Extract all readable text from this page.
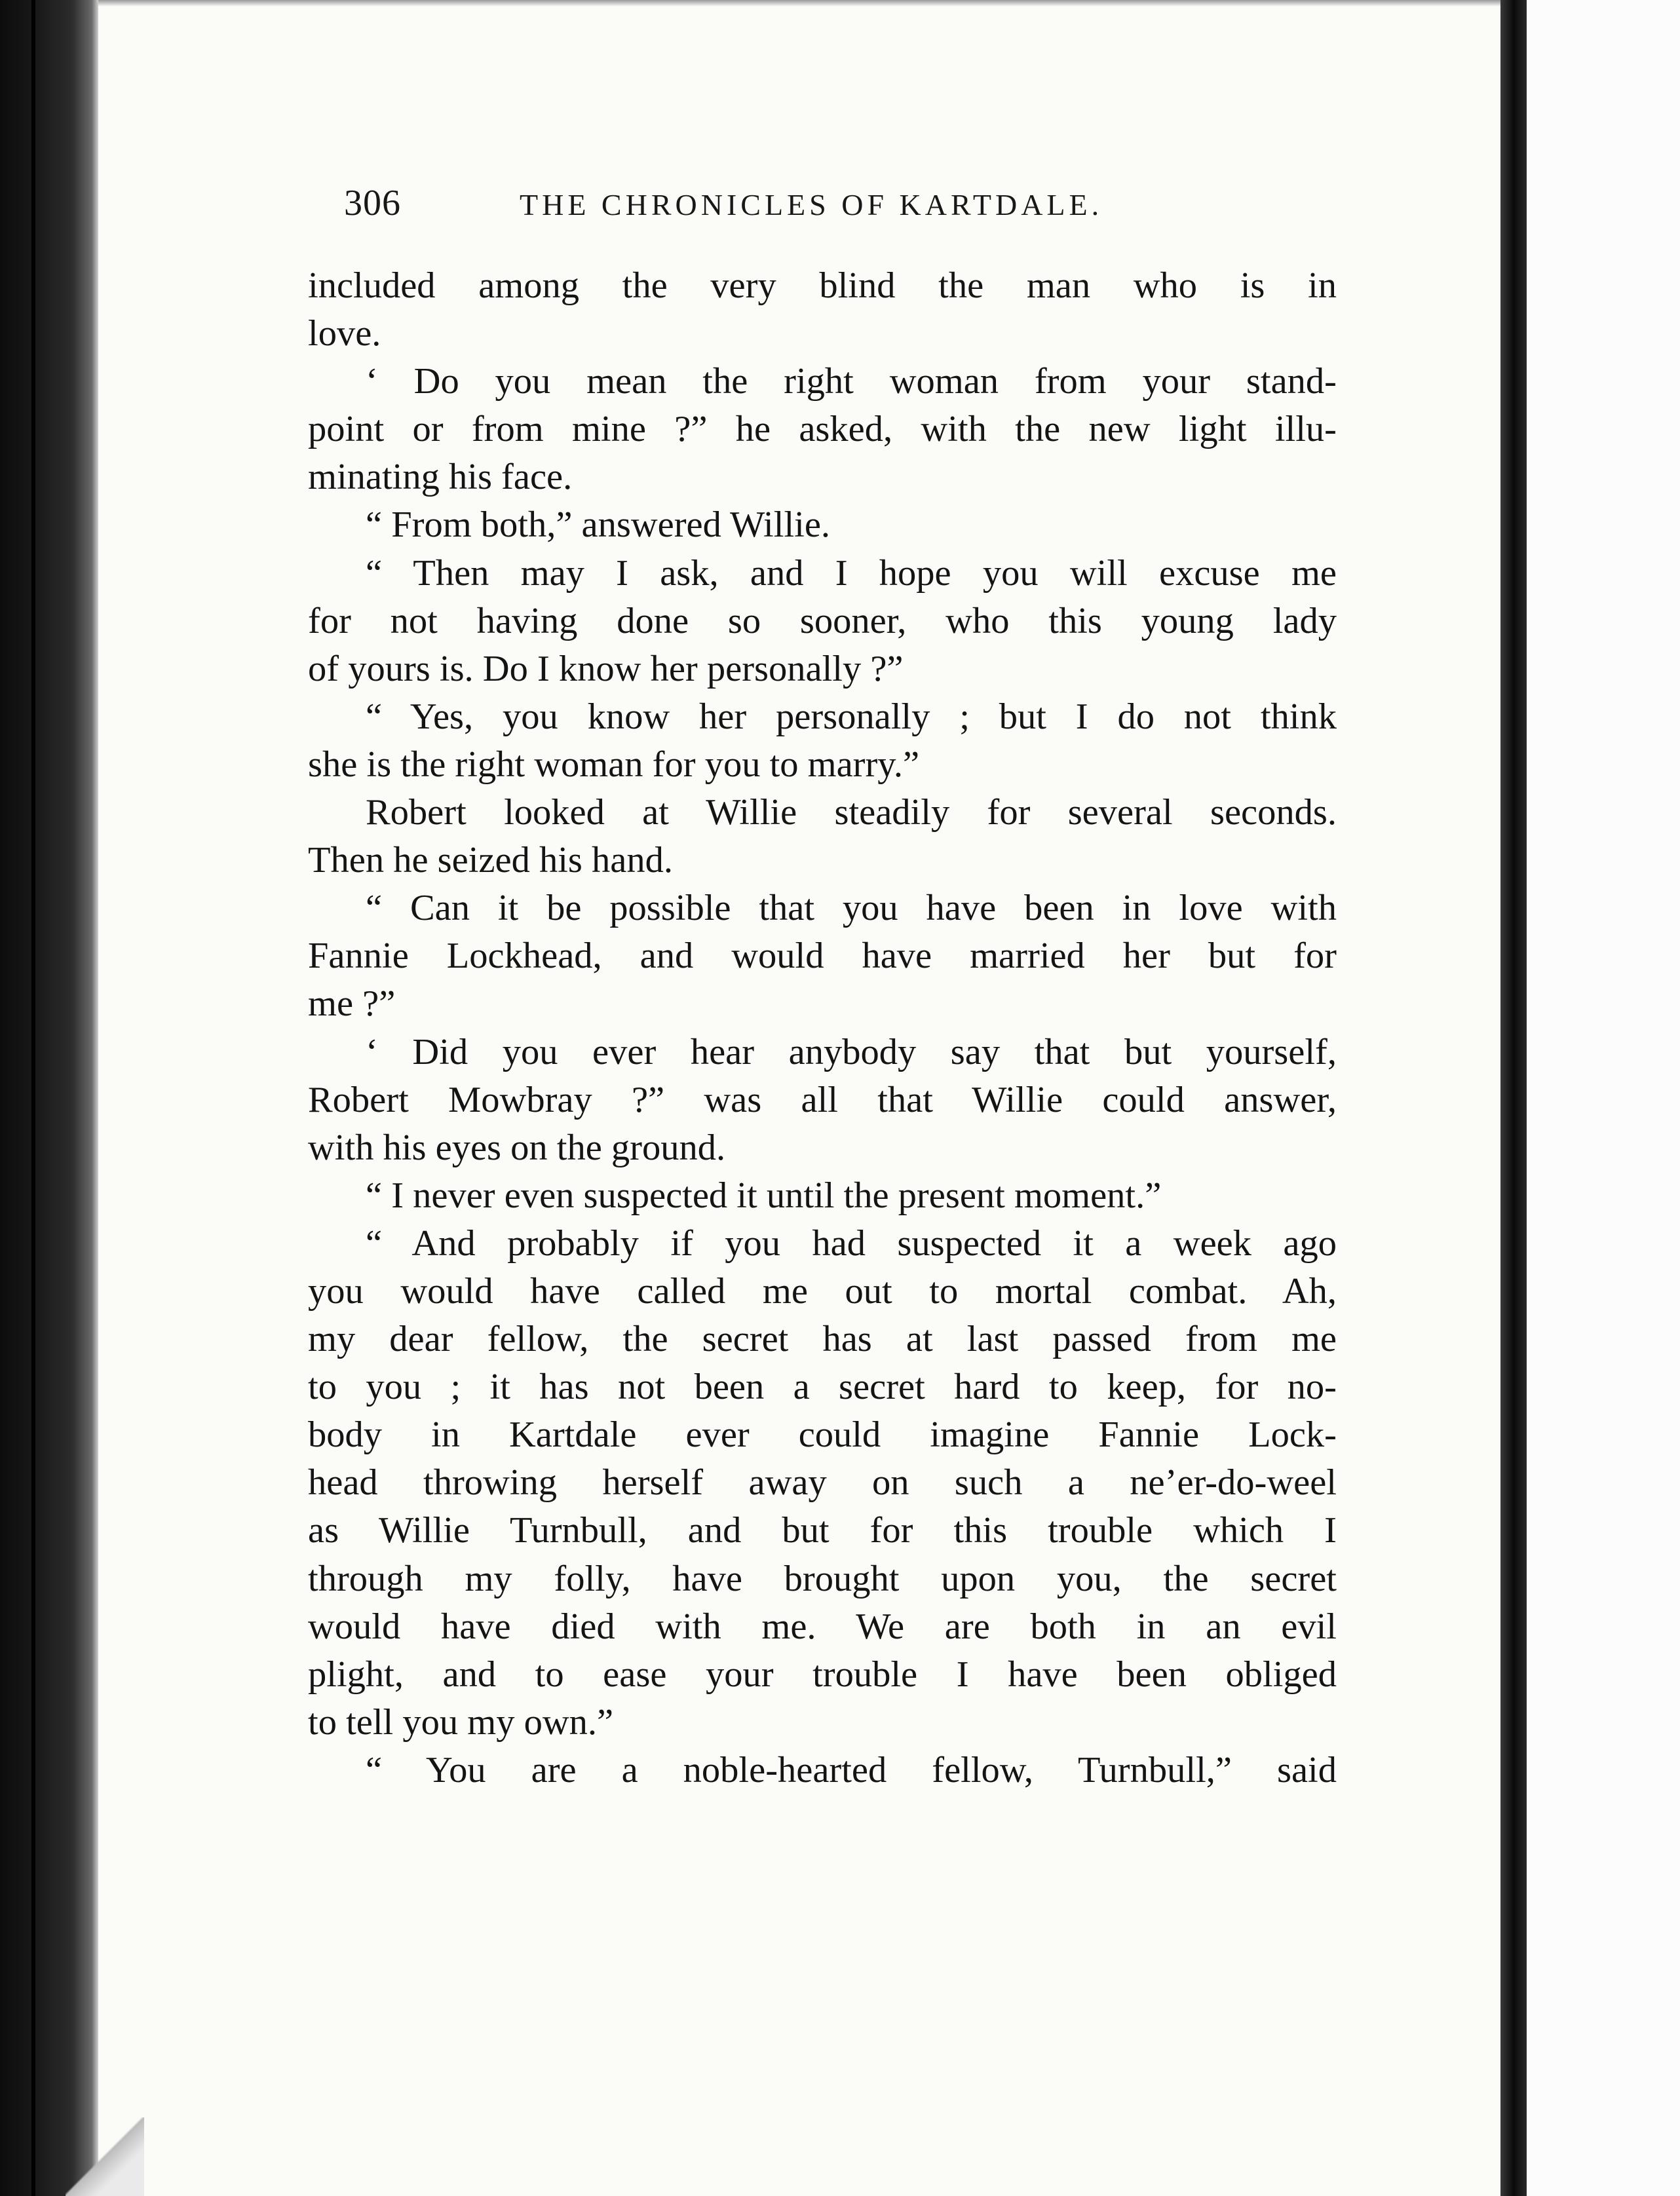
306	THE CHRONICLES OF KARTDALE.
included among the very blind the man who is in
love.
‘ Do you mean the right woman from your stand-
point or from mine ?” he asked, with the new light illu-
minating his face.
“ From both,” answered Willie.
“ Then may I ask, and I hope you will excuse me
for not having done so sooner, who this young lady
of yours is. Do I know her personally ?”
“ Yes, you know her personally ; but I do not think
she is the right woman for you to marry.”
Robert looked at Willie steadily for several seconds.
Then he seized his hand.
“ Can it be possible that you have been in love with
Fannie Lockhead, and would have married her but for
me ?”
‘ Did you ever hear anybody say that but yourself,
Robert Mowbray ?” was all that Willie could answer,
with his eyes on the ground.
“ I never even suspected it until the present moment.”
“ And probably if you had suspected it a week ago
you would have called me out to mortal combat. Ah,
my dear fellow, the secret has at last passed from me
to you ; it has not been a secret hard to keep, for no-
body in Kartdale ever could imagine Fannie Lock-
head throwing herself away on such a ne’er-do-weel
as Willie Turnbull, and but for this trouble which I
through my folly, have brought upon you, the secret
would have died with me. We are both in an evil
plight, and to ease your trouble I have been obliged
to tell you my own.”
“ You are a noble-hearted fellow, Turnbull,” said
